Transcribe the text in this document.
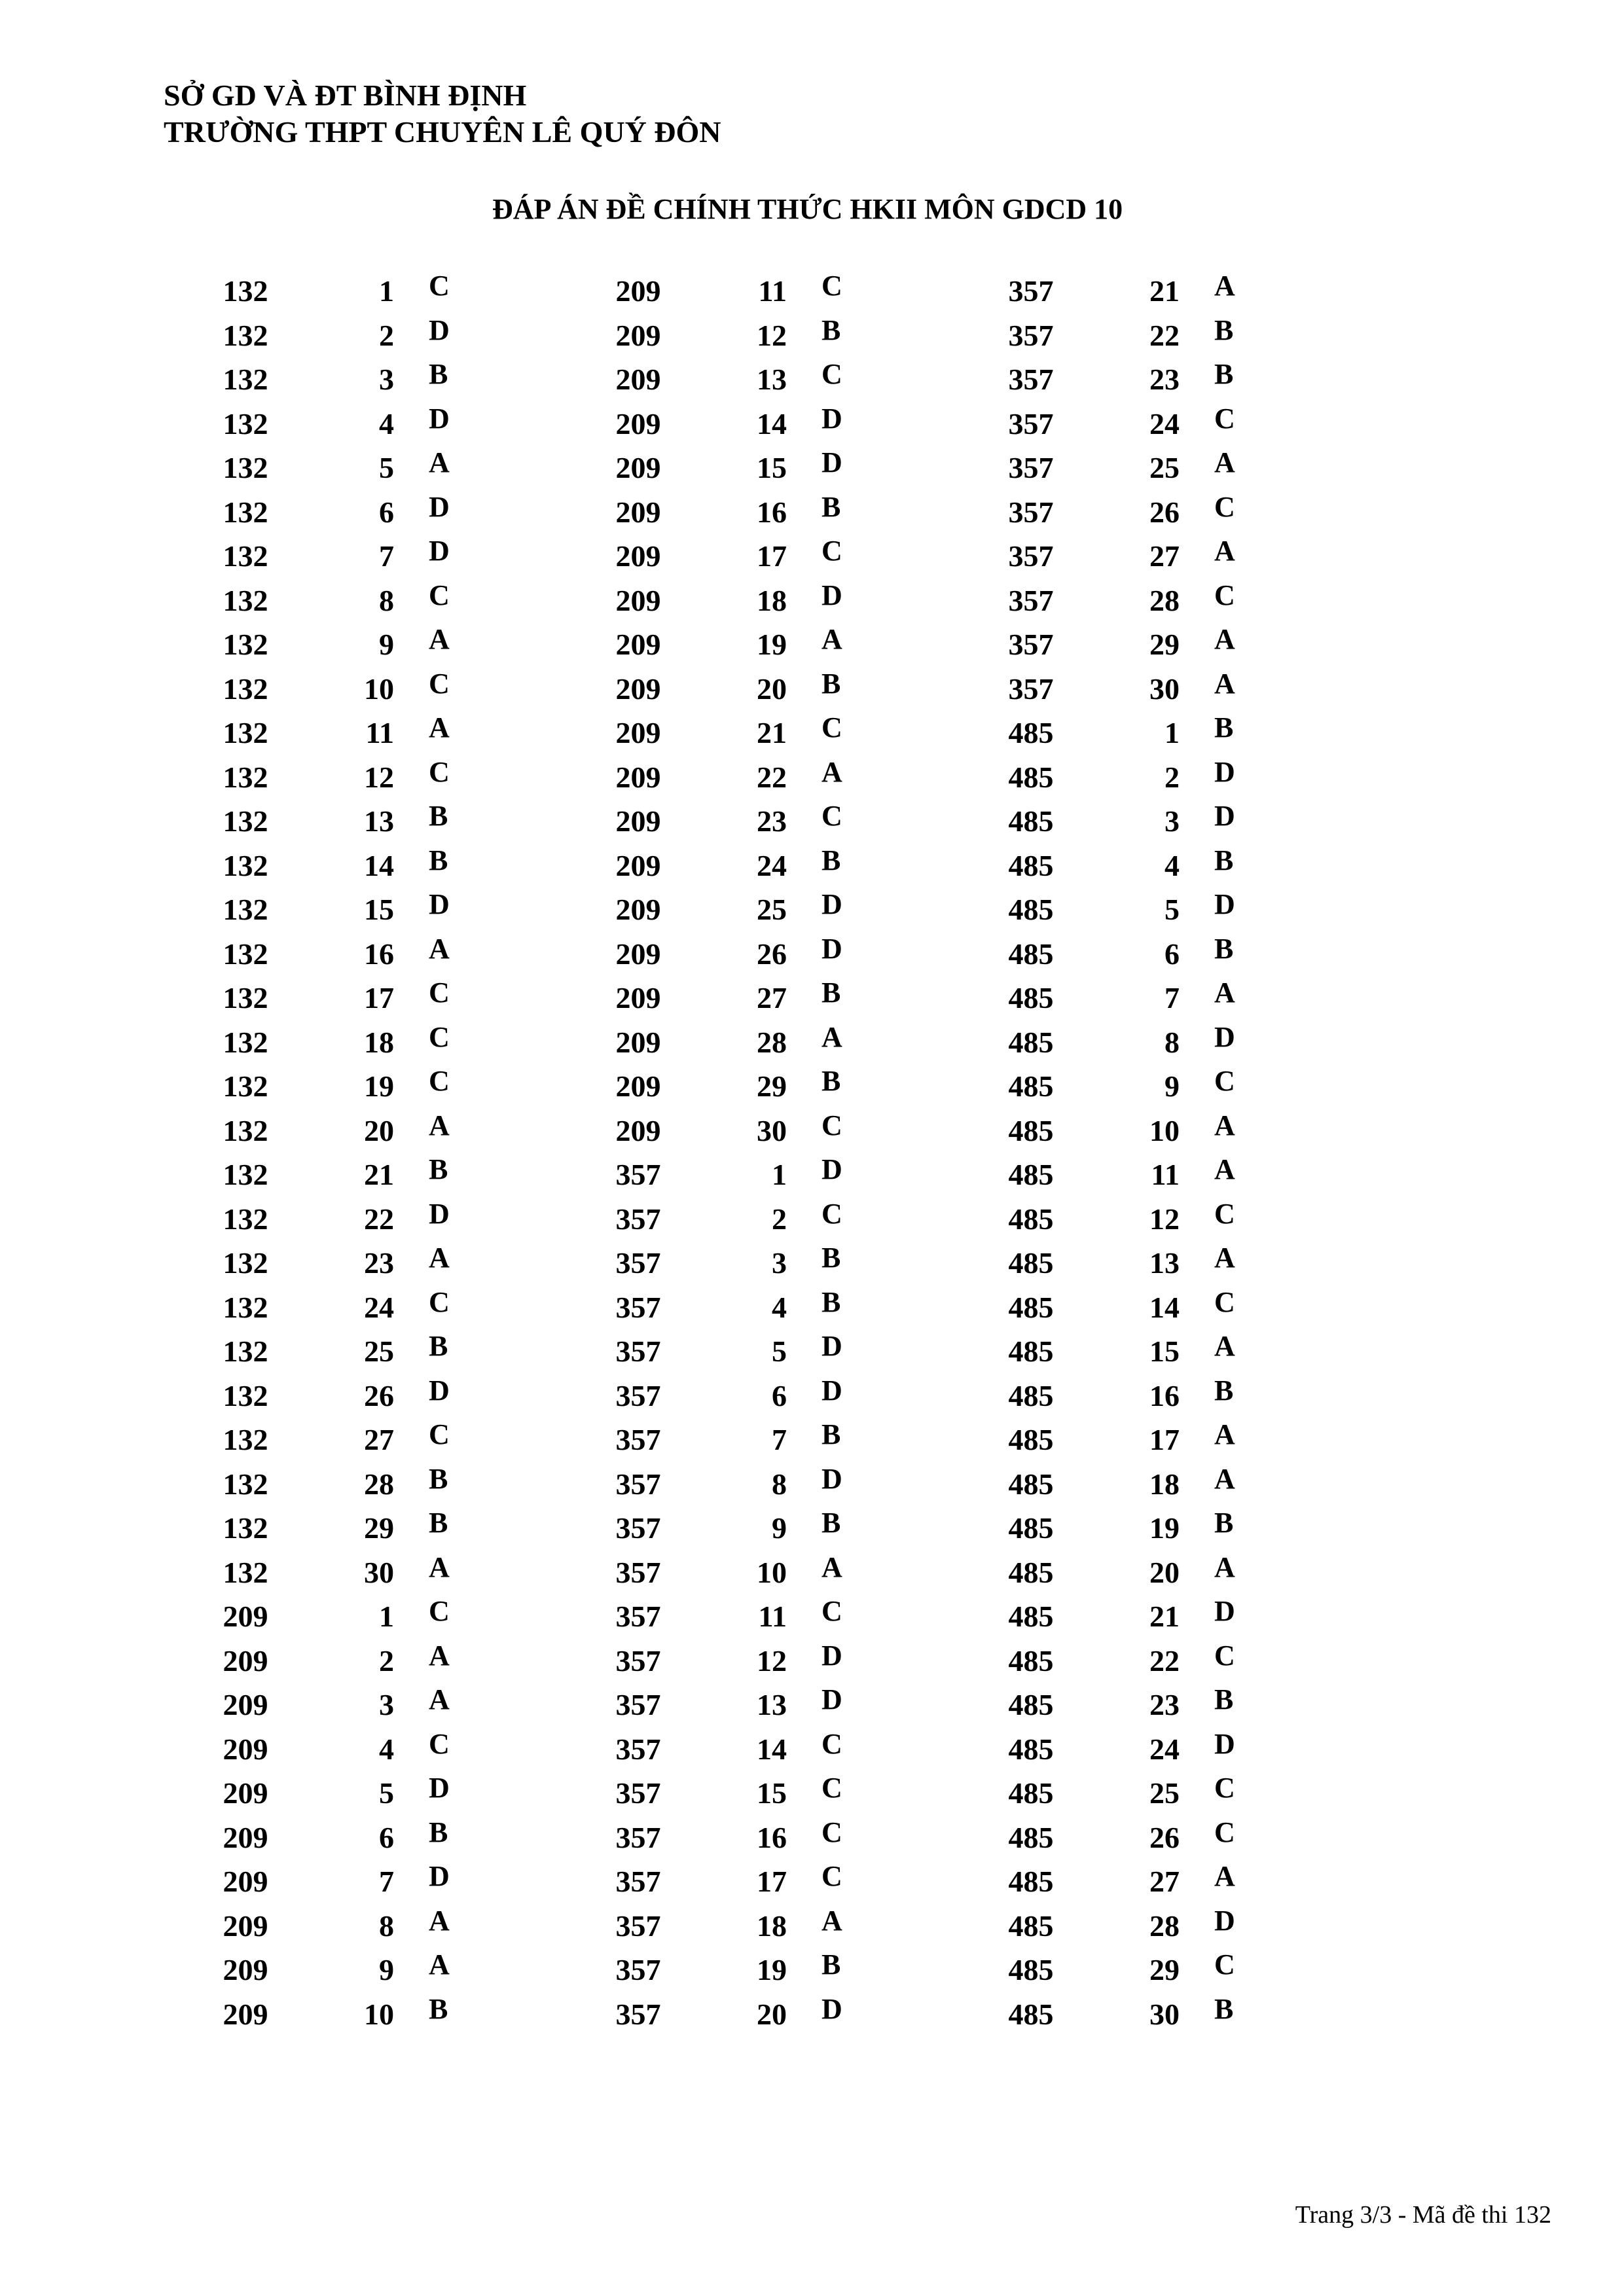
SỞ GD VÀ ĐT BÌNH ĐỊNH
TRƯỜNG THPT CHUYÊN LÊ QUÝ ĐÔN
ĐÁP ÁN ĐỀ CHÍNH THỨC HKII MÔN GDCD 10
132	1 C
132	2 D
132	3 B
132	4 D
132	5 A
132	6 D
132	7 D
132	8 C
132	9 A
132	10 C
132	11 A
132	12 C
132	13 B
132	14 B
132	15 D
132	16 A
132	17 C
132	18 C
132	19 C
132	20 A
132	21 B
132	22 D
132	23 A
132	24 C
132	25 B
132	26 D
132	27 C
132	28 B
132	29 B
132	30 A
209	1 C
209	2 A
209	3 A
209	4 C
209	5 D
209	6 B
209	7 D
209	8 A
209	9 A
209	10 B
209	11 C
209	12 B
209	13 C
209	14 D
209	15 D
209	16 B
209	17 C
209	18 D
209	19 A
209	20 B
209	21 C
209	22 A
209	23 C
209	24 B
209	25 D
209	26 D
209	27 B
209	28 A
209	29 B
209	30 C
357	1 D
357	2 C
357	3 B
357	4 B
357	5 D
357	6 D
357	7 B
357	8 D
357	9 B
357	10 A
357	11 C
357	12 D
357	13 D
357	14 C
357	15 C
357	16 C
357	17 C
357	18 A
357	19 B
357	20 D
357	21 A
357	22 B
357	23 B
357	24 C
357	25 A
357	26 C
357	27 A
357	28 C
357	29 A
357	30 A
485	1 B
485	2 D
485	3 D
485	4 B
485	5 D
485	6 B
485	7 A
485	8 D
485	9 C
485	10 A
485	11 A
485	12 C
485	13 A
485	14 C
485	15 A
485	16 B
485	17 A
485	18 A
485	19 B
485	20 A
485	21 D
485	22 C
485	23 B
485	24 D
485	25 C
485	26 C
485	27 A
485	28 D
485	29 C
485	30 B
Trang 3/3 - Mã đề thi 132
